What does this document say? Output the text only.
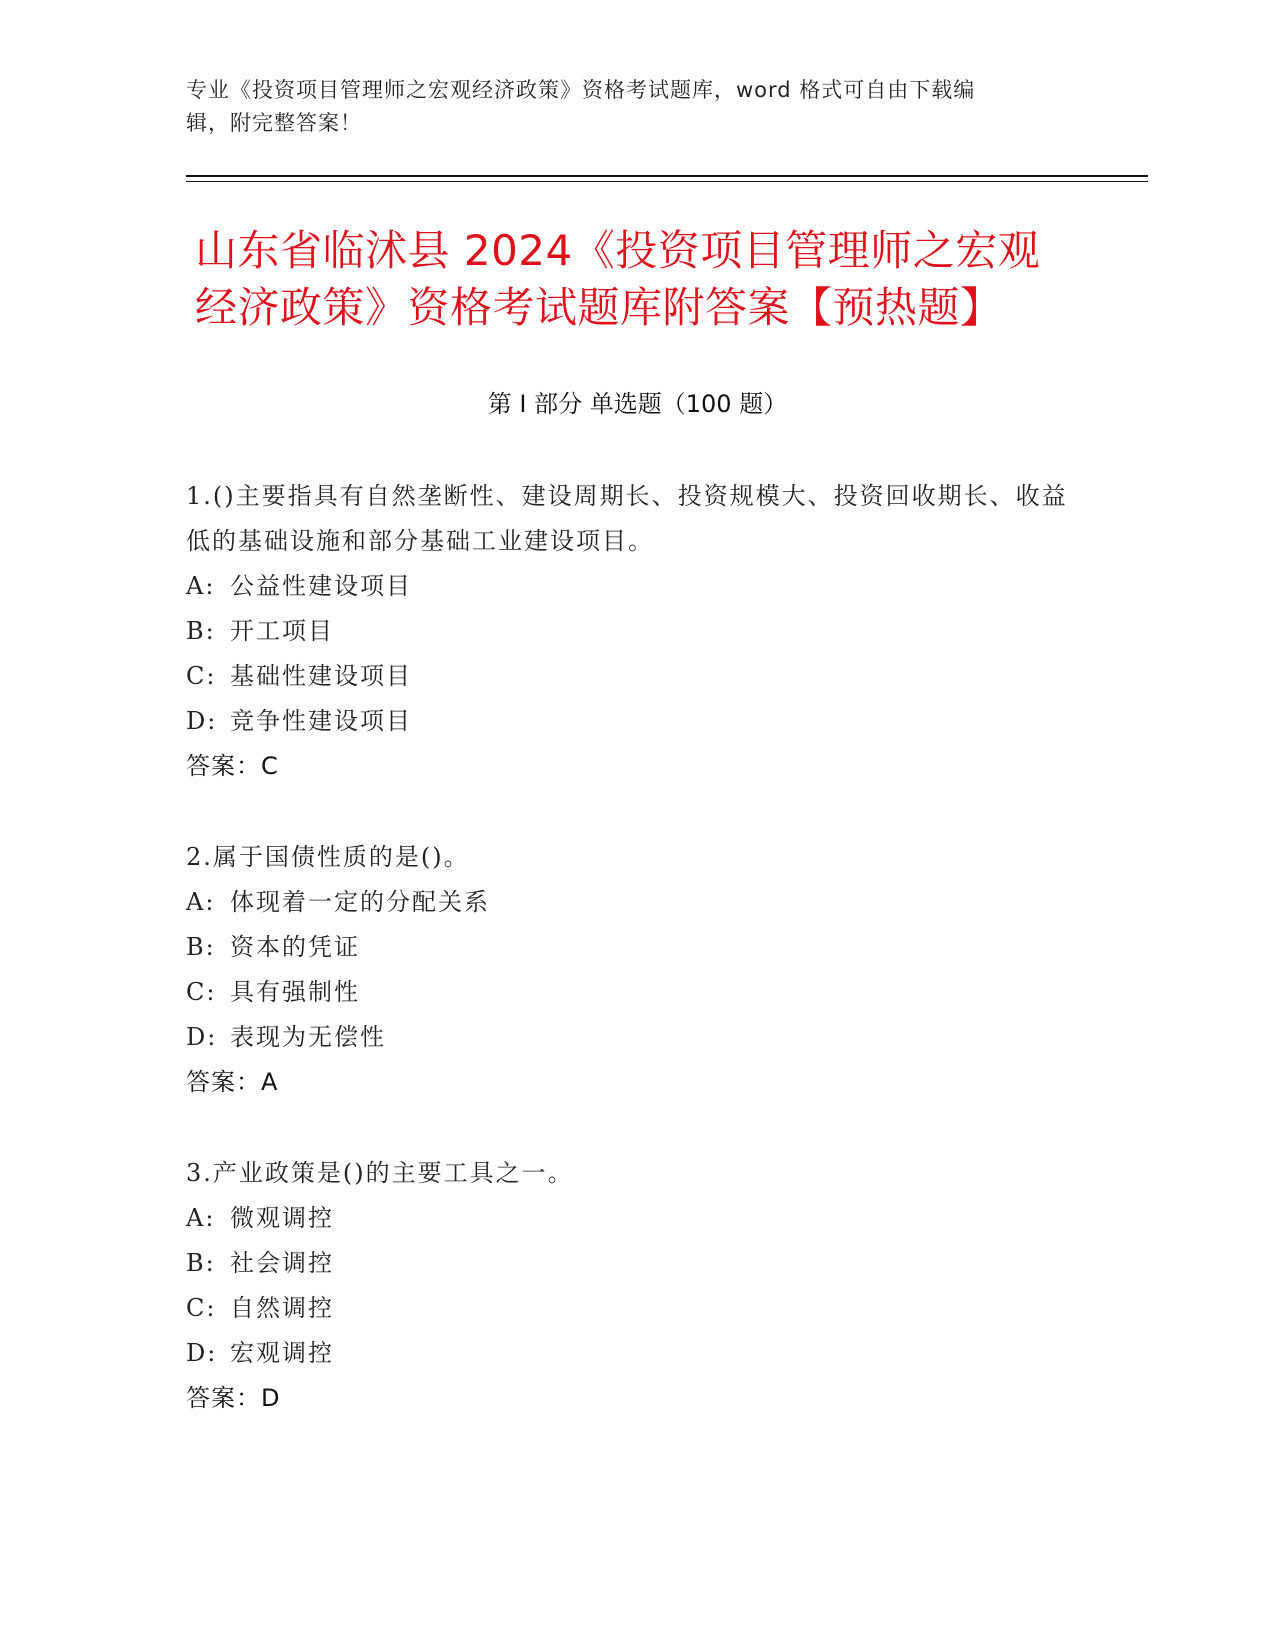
专业《投资项目管理师之宏观经济政策》资格考试题库，word 格式可自由下载编
辑，附完整答案！
山东省临沭县 2024《投资项目管理师之宏观
经济政策》资格考试题库附答案【预热题】
第 I 部分 单选题（100 题）
1.()主要指具有自然垄断性、建设周期长、投资规模大、投资回收期长、收益低的基础设施和部分基础工业建设项目。
A: 公益性建设项目
B: 开工项目
C: 基础性建设项目
D: 竞争性建设项目
答案：C
2.属于国债性质的是()。
A: 体现着一定的分配关系
B: 资本的凭证
C: 具有强制性
D: 表现为无偿性
答案：A
3.产业政策是()的主要工具之一。
A: 微观调控
B: 社会调控
C: 自然调控
D: 宏观调控
答案：D
